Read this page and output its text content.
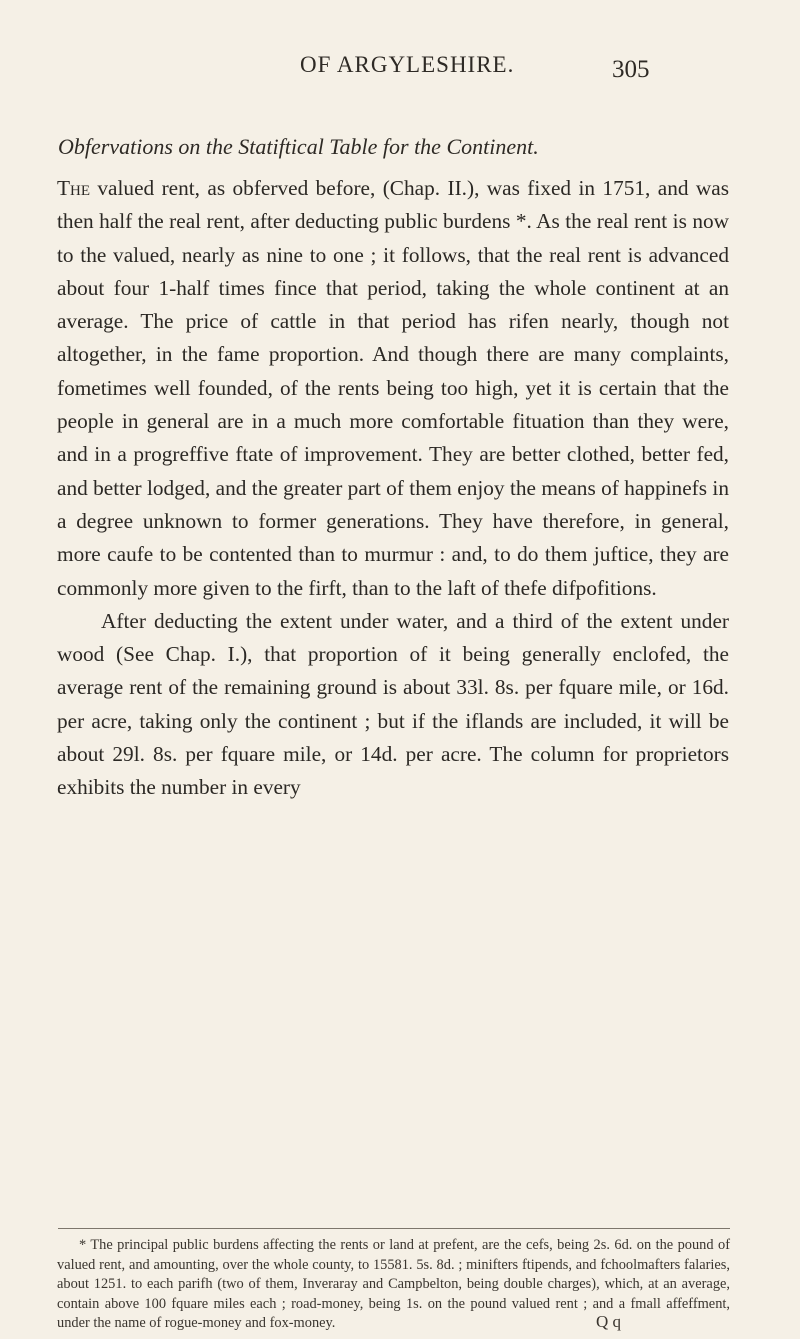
OF ARGYLESHIRE.	305
Obfervations on the Statiftical Table for the Continent.

The valued rent, as obferved before, (Chap. II.), was fixed in 1751, and was then half the real rent, after deducting public burdens *. As the real rent is now to the valued, nearly as nine to one ; it follows, that the real rent is advanced about four 1-half times fince that period, taking the whole continent at an average. The price of cattle in that period has rifen nearly, though not altogether, in the fame proportion. And though there are many complaints, fometimes well founded, of the rents being too high, yet it is certain that the people in general are in a much more comfortable fituation than they were, and in a progreffive ftate of improvement. They are better clothed, better fed, and better lodged, and the greater part of them enjoy the means of happinefs in a degree unknown to former generations. They have therefore, in general, more caufe to be contented than to murmur : and, to do them juftice, they are commonly more given to the firft, than to the laft of thefe difpofitions.

After deducting the extent under water, and a third of the extent under wood (See Chap. I.), that proportion of it being generally enclofed, the average rent of the remaining ground is about 33l. 8s. per fquare mile, or 16d. per acre, taking only the continent ; but if the iflands are included, it will be about 29l. 8s. per fquare mile, or 14d. per acre. The column for proprietors exhibits the number in every

* The principal public burdens affecting the rents or land at prefent, are the cefs, being 2s. 6d. on the pound of valued rent, and amounting, over the whole county, to 15581. 5s. 8d. ; minifters ftipends, and fchoolmafters falaries, about 1251. to each parifh (two of them, Inveraray and Campbelton, being double charges), which, at an average, contain above 100 fquare miles each ; road-money, being 1s. on the pound valued rent ; and a fmall affeffment, under the name of rogue-money and fox-money.	Q q
